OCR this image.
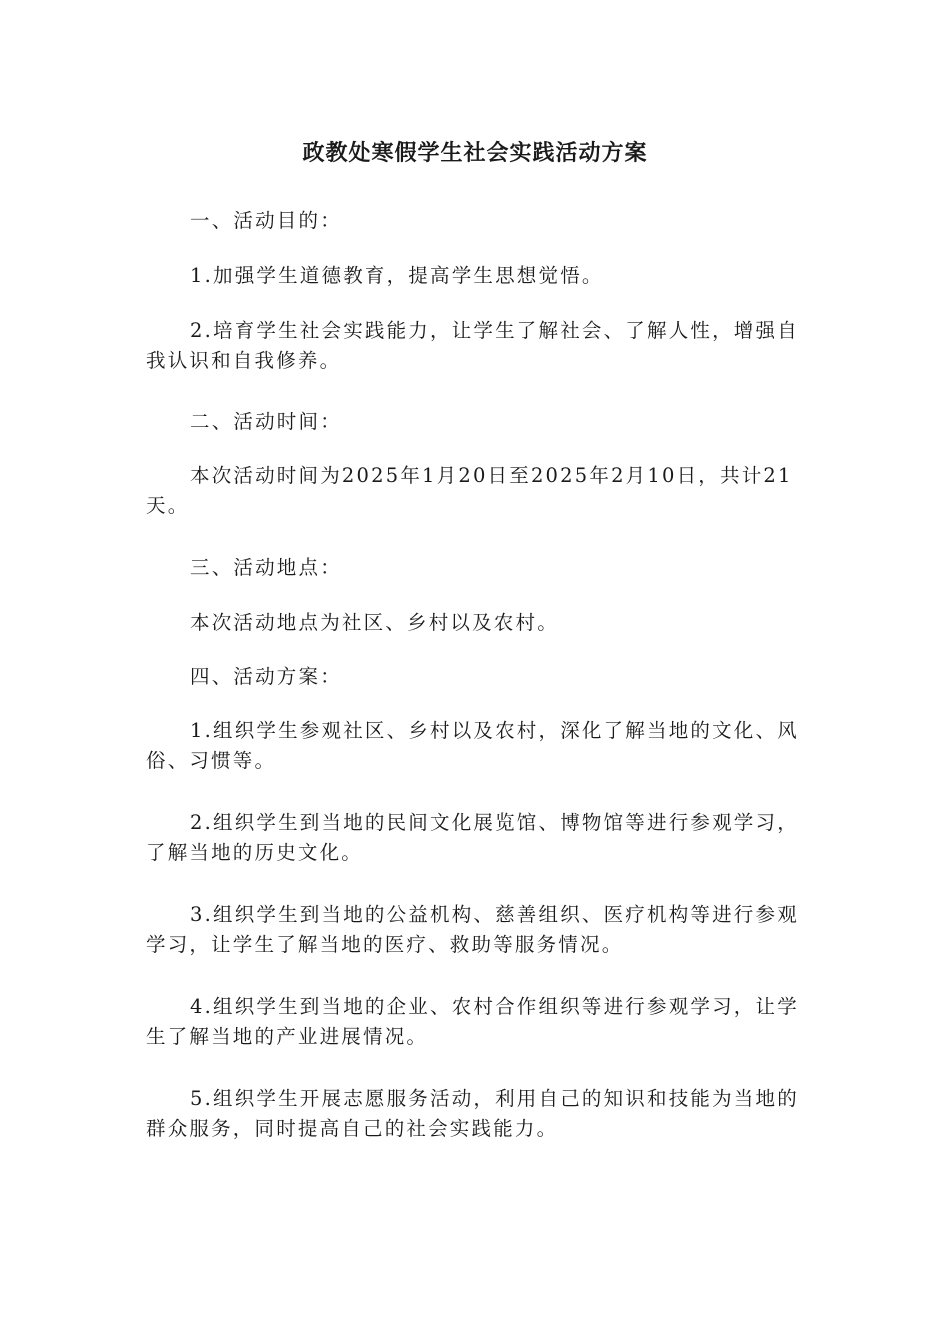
政教处寒假学生社会实践活动方案
一、活动目的：
1.加强学生道德教育，提高学生思想觉悟。
2.培育学生社会实践能力，让学生了解社会、了解人性，增强自我认识和自我修养。
二、活动时间：
本次活动时间为2025年1月20日至2025年2月10日，共计21天。
三、活动地点：
本次活动地点为社区、乡村以及农村。
四、活动方案：
1.组织学生参观社区、乡村以及农村，深化了解当地的文化、风俗、习惯等。
2.组织学生到当地的民间文化展览馆、博物馆等进行参观学习，了解当地的历史文化。
3.组织学生到当地的公益机构、慈善组织、医疗机构等进行参观学习，让学生了解当地的医疗、救助等服务情况。
4.组织学生到当地的企业、农村合作组织等进行参观学习，让学生了解当地的产业进展情况。
5.组织学生开展志愿服务活动，利用自己的知识和技能为当地的群众服务，同时提高自己的社会实践能力。
